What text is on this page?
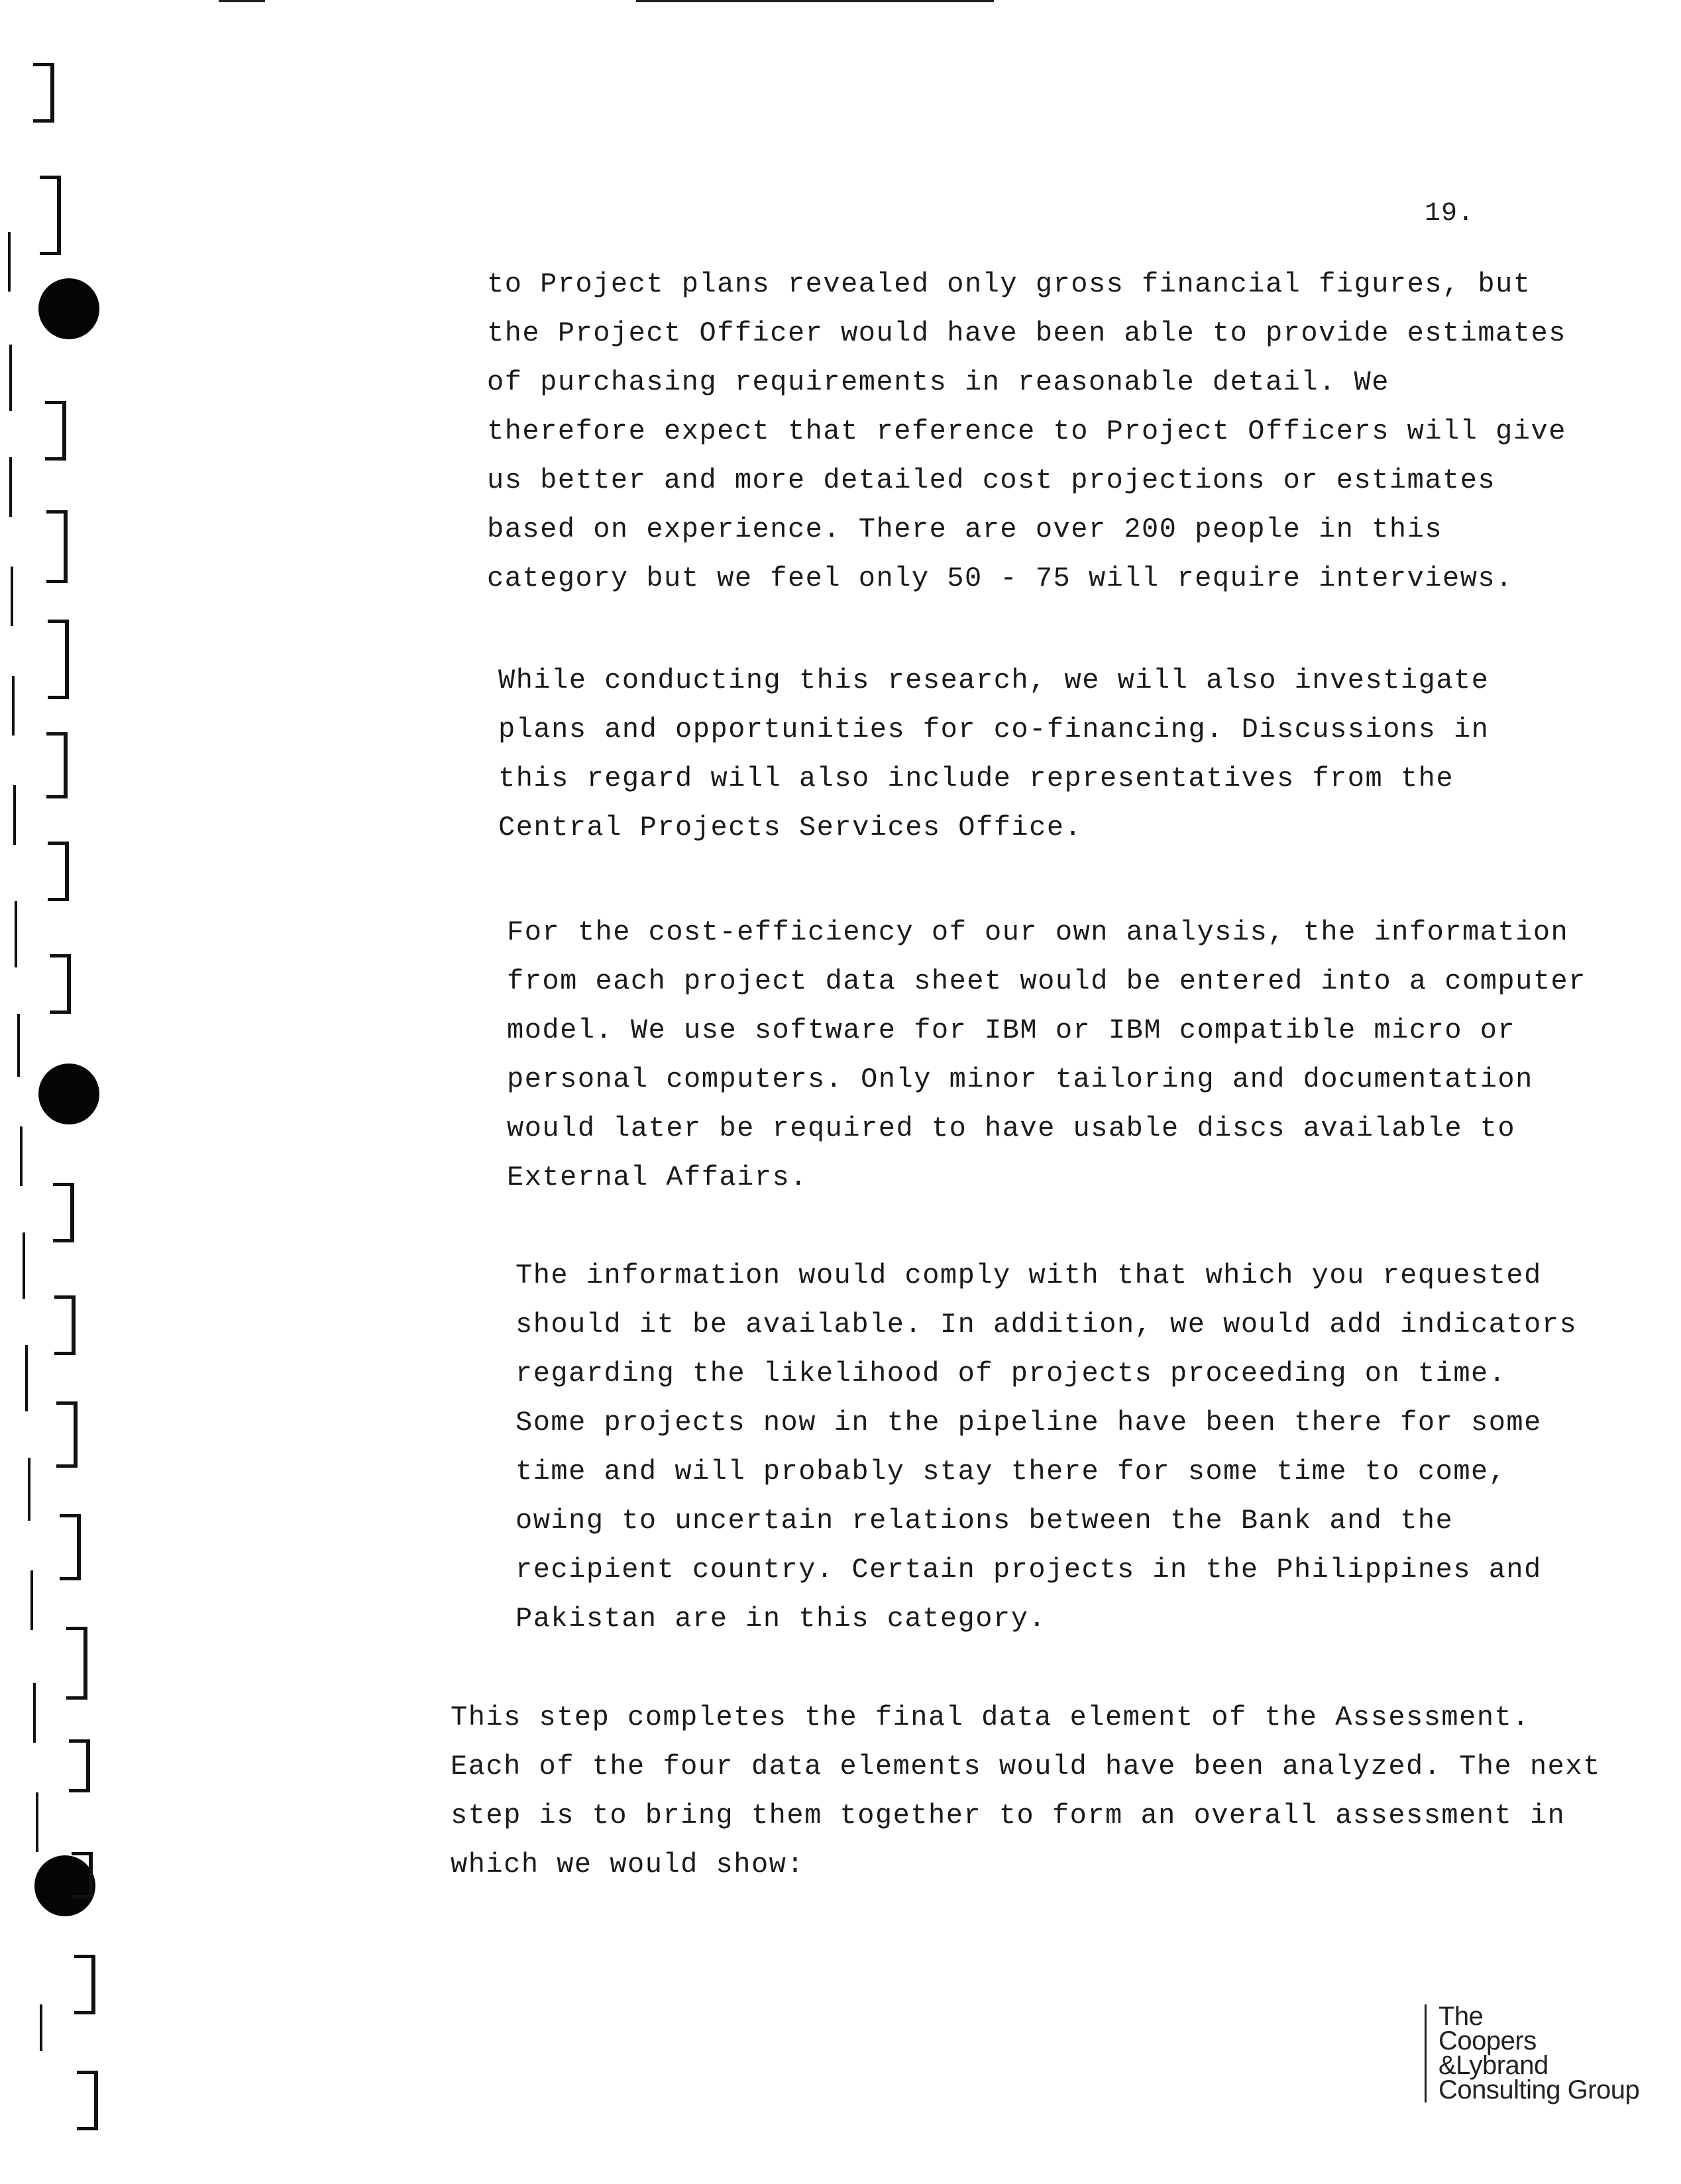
19.
to Project plans revealed only gross financial figures, but
the Project Officer would have been able to provide estimates
of purchasing requirements in reasonable detail. We
therefore expect that reference to Project Officers will give
us better and more detailed cost projections or estimates
based on experience. There are over 200 people in this
category but we feel only 50 - 75 will require interviews.
While conducting this research, we will also investigate
plans and opportunities for co-financing. Discussions in
this regard will also include representatives from the
Central Projects Services Office.
For the cost-efficiency of our own analysis, the information
from each project data sheet would be entered into a computer
model. We use software for IBM or IBM compatible micro or
personal computers. Only minor tailoring and documentation
would later be required to have usable discs available to
External Affairs.
The information would comply with that which you requested
should it be available. In addition, we would add indicators
regarding the likelihood of projects proceeding on time.
Some projects now in the pipeline have been there for some
time and will probably stay there for some time to come,
owing to uncertain relations between the Bank and the
recipient country. Certain projects in the Philippines and
Pakistan are in this category.
This step completes the final data element of the Assessment.
Each of the four data elements would have been analyzed. The next
step is to bring them together to form an overall assessment in
which we would show:
The
Coopers
&Lybrand
Consulting Group
